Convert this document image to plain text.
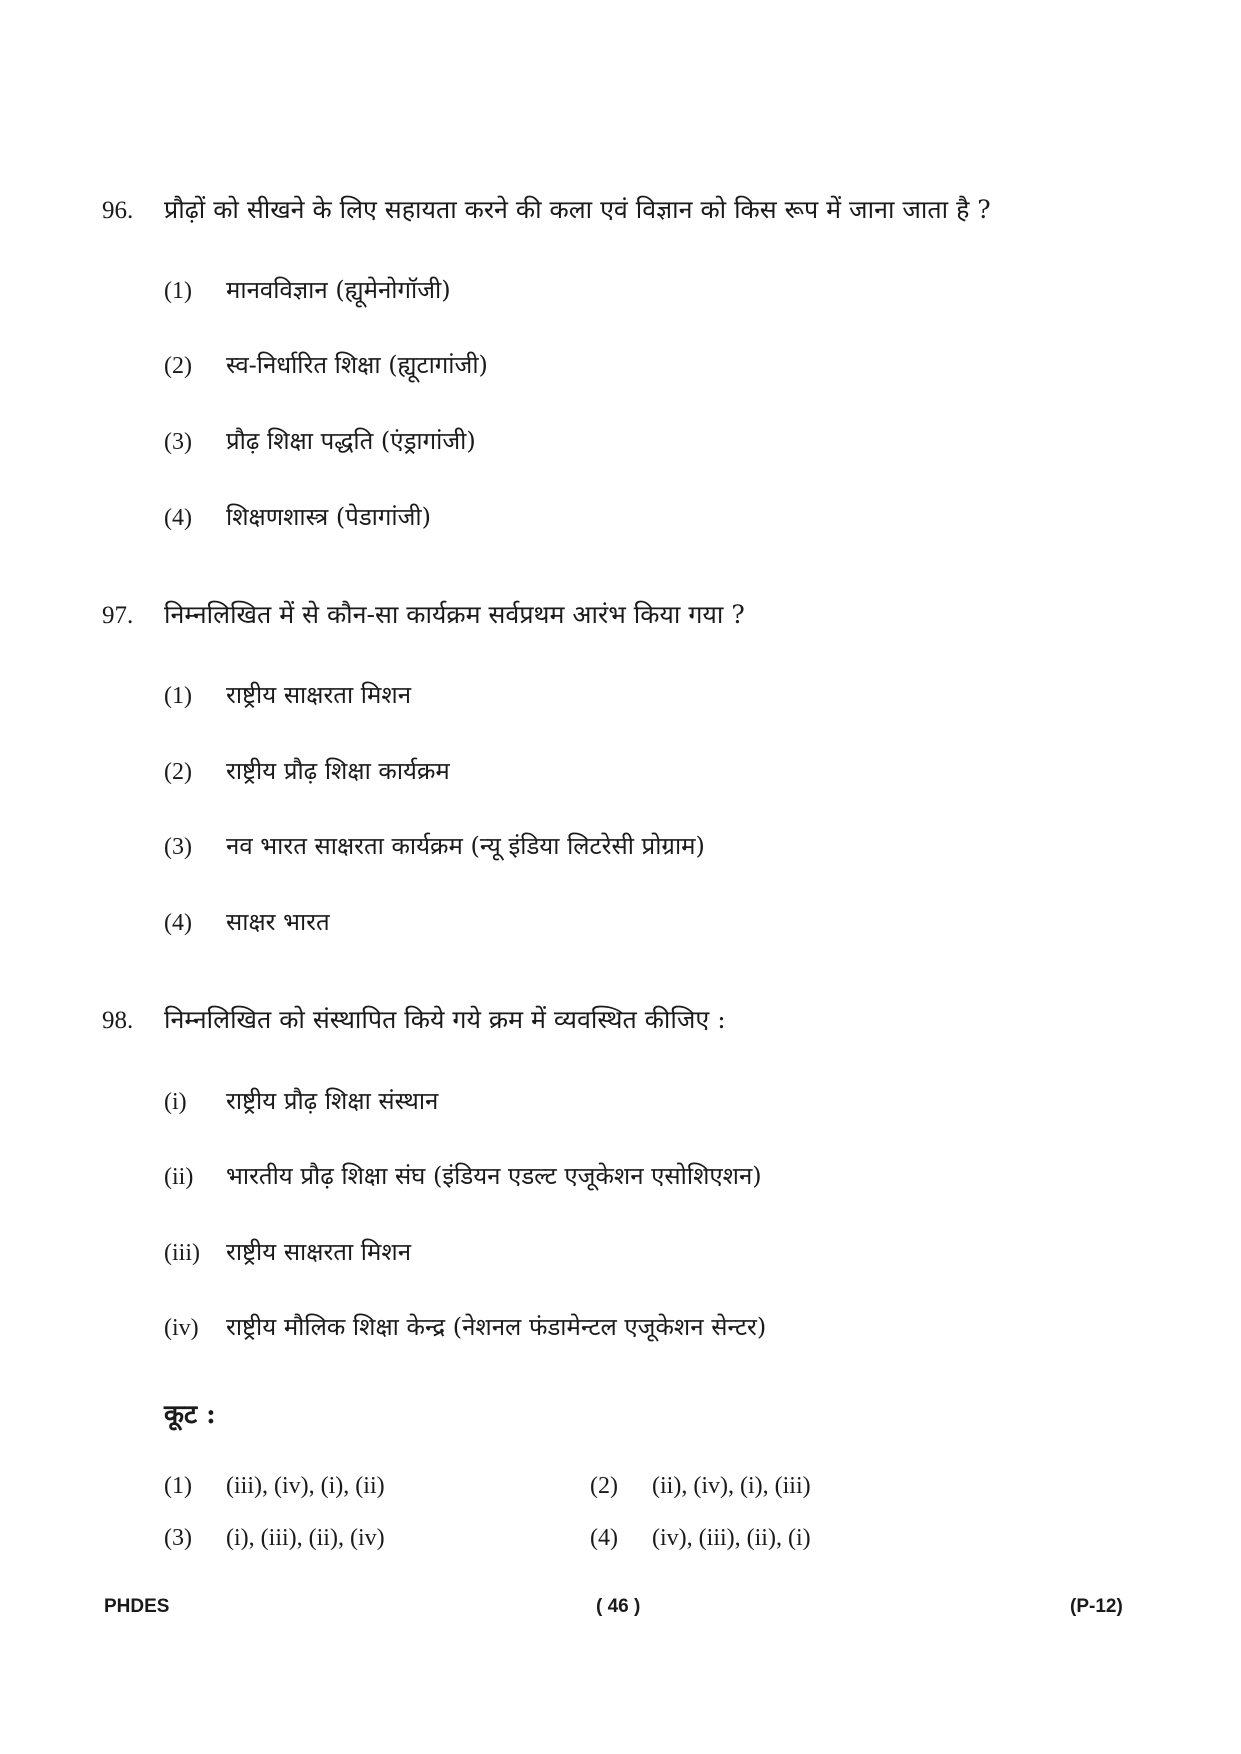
96. प्रौढ़ों को सीखने के लिए सहायता करने की कला एवं विज्ञान को किस रूप में जाना जाता है ?
(1) मानवविज्ञान (ह्यूमेनोगॉजी)
(2) स्व-निर्धारित शिक्षा (ह्यूटागांजी)
(3) प्रौढ़ शिक्षा पद्धति (एंड्रागांजी)
(4) शिक्षणशास्त्र (पेडागांजी)
97. निम्नलिखित में से कौन-सा कार्यक्रम सर्वप्रथम आरंभ किया गया ?
(1) राष्ट्रीय साक्षरता मिशन
(2) राष्ट्रीय प्रौढ़ शिक्षा कार्यक्रम
(3) नव भारत साक्षरता कार्यक्रम (न्यू इंडिया लिटरेसी प्रोग्राम)
(4) साक्षर भारत
98. निम्नलिखित को संस्थापित किये गये क्रम में व्यवस्थित कीजिए :
(i) राष्ट्रीय प्रौढ़ शिक्षा संस्थान
(ii) भारतीय प्रौढ़ शिक्षा संघ (इंडियन एडल्ट एजूकेशन एसोशिएशन)
(iii) राष्ट्रीय साक्षरता मिशन
(iv) राष्ट्रीय मौलिक शिक्षा केन्द्र (नेशनल फंडामेन्टल एजूकेशन सेन्टर)
कूट :
(1) (iii), (iv), (i), (ii)	(2) (ii), (iv), (i), (iii)
(3) (i), (iii), (ii), (iv)	(4) (iv), (iii), (ii), (i)
PHDES	( 46 )	(P-12)
